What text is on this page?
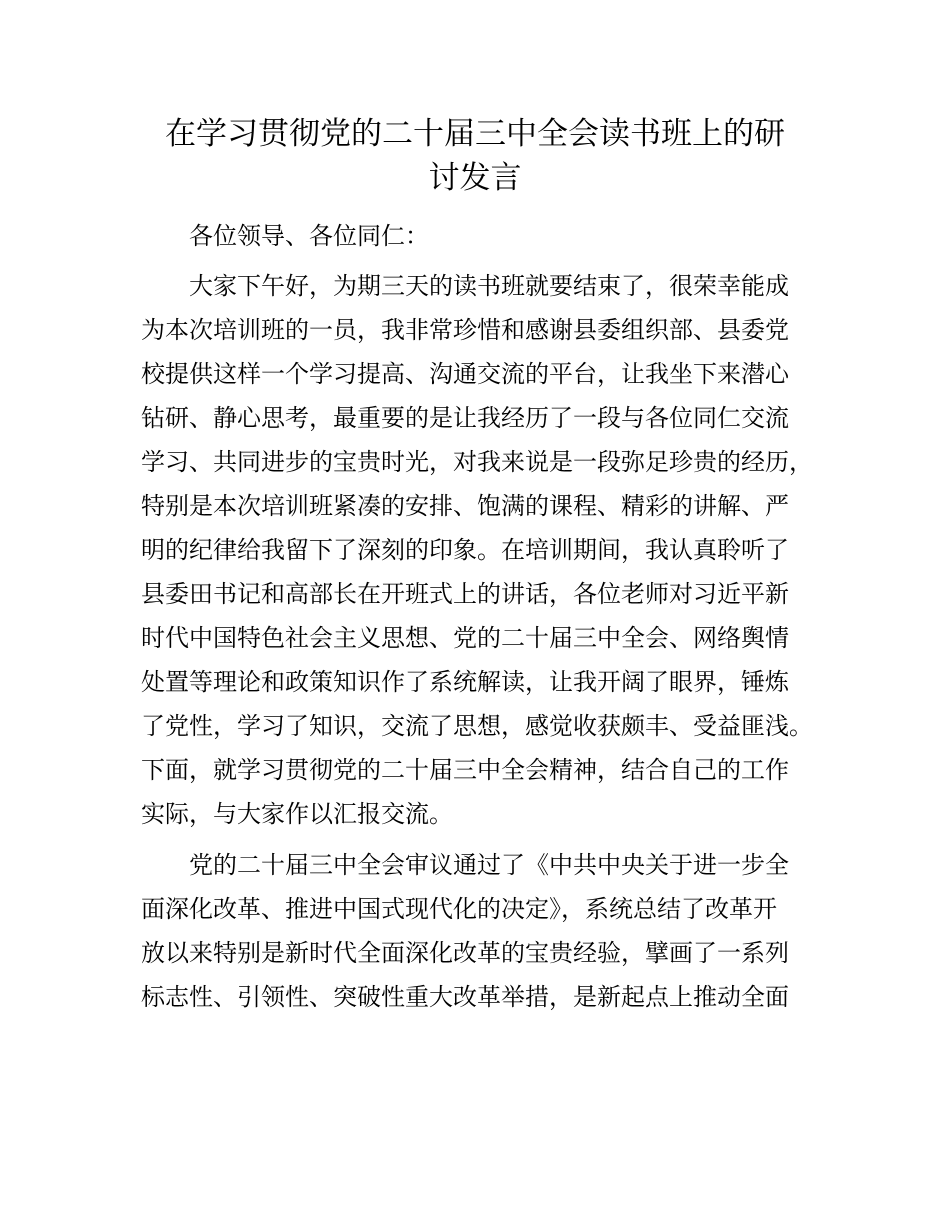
在学习贯彻党的二十届三中全会读书班上的研
讨发言

各位领导、各位同仁：

大家下午好，为期三天的读书班就要结束了，很荣幸能成

为本次培训班的一员，我非常珍惜和感谢县委组织部、县委党

校提供这样一个学习提高、沟通交流的平台，让我坐下来潜心

钻研、静心思考，最重要的是让我经历了一段与各位同仁交流

学习、共同进步的宝贵时光，对我来说是一段弥足珍贵的经历，

特别是本次培训班紧凑的安排、饱满的课程、精彩的讲解、严

明的纪律给我留下了深刻的印象。在培训期间，我认真聆听了

县委田书记和高部长在开班式上的讲话，各位老师对习近平新

时代中国特色社会主义思想、党的二十届三中全会、网络舆情

处置等理论和政策知识作了系统解读，让我开阔了眼界，锤炼

了党性，学习了知识，交流了思想，感觉收获颇丰、受益匪浅。

下面，就学习贯彻党的二十届三中全会精神，结合自己的工作

实际，与大家作以汇报交流。

党的二十届三中全会审议通过了《中共中央关于进一步全

面深化改革、推进中国式现代化的决定》，系统总结了改革开

放以来特别是新时代全面深化改革的宝贵经验，擘画了一系列

标志性、引领性、突破性重大改革举措，是新起点上推动全面
